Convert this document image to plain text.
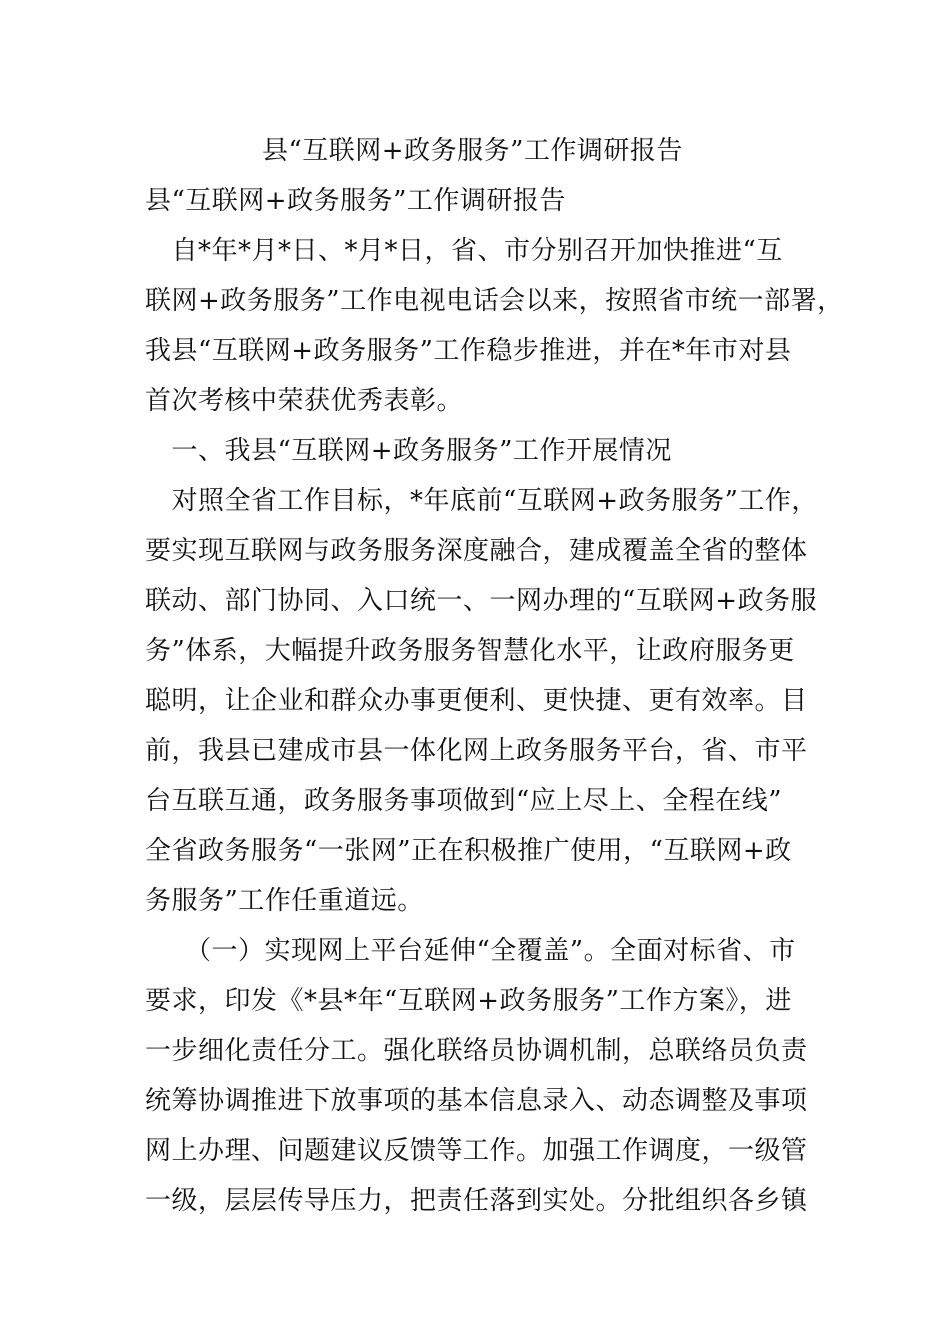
县“互联网+政务服务”工作调研报告
县“互联网+政务服务”工作调研报告
　自*年*月*日、*月*日，省、市分别召开加快推进“互
联网+政务服务”工作电视电话会以来，按照省市统一部署，
我县“互联网+政务服务”工作稳步推进，并在*年市对县
首次考核中荣获优秀表彰。
　一、我县“互联网+政务服务”工作开展情况
　对照全省工作目标，*年底前“互联网+政务服务”工作，
要实现互联网与政务服务深度融合，建成覆盖全省的整体
联动、部门协同、入口统一、一网办理的“互联网+政务服
务”体系，大幅提升政务服务智慧化水平，让政府服务更
聪明，让企业和群众办事更便利、更快捷、更有效率。目
前，我县已建成市县一体化网上政务服务平台，省、市平
台互联互通，政务服务事项做到“应上尽上、全程在线”
全省政务服务“一张网”正在积极推广使用，“互联网+政
务服务”工作任重道远。
（一）实现网上平台延伸“全覆盖”。全面对标省、市
要求，印发《*县*年“互联网+政务服务”工作方案》，进
一步细化责任分工。强化联络员协调机制，总联络员负责
统筹协调推进下放事项的基本信息录入、动态调整及事项
网上办理、问题建议反馈等工作。加强工作调度，一级管
一级，层层传导压力，把责任落到实处。分批组织各乡镇
